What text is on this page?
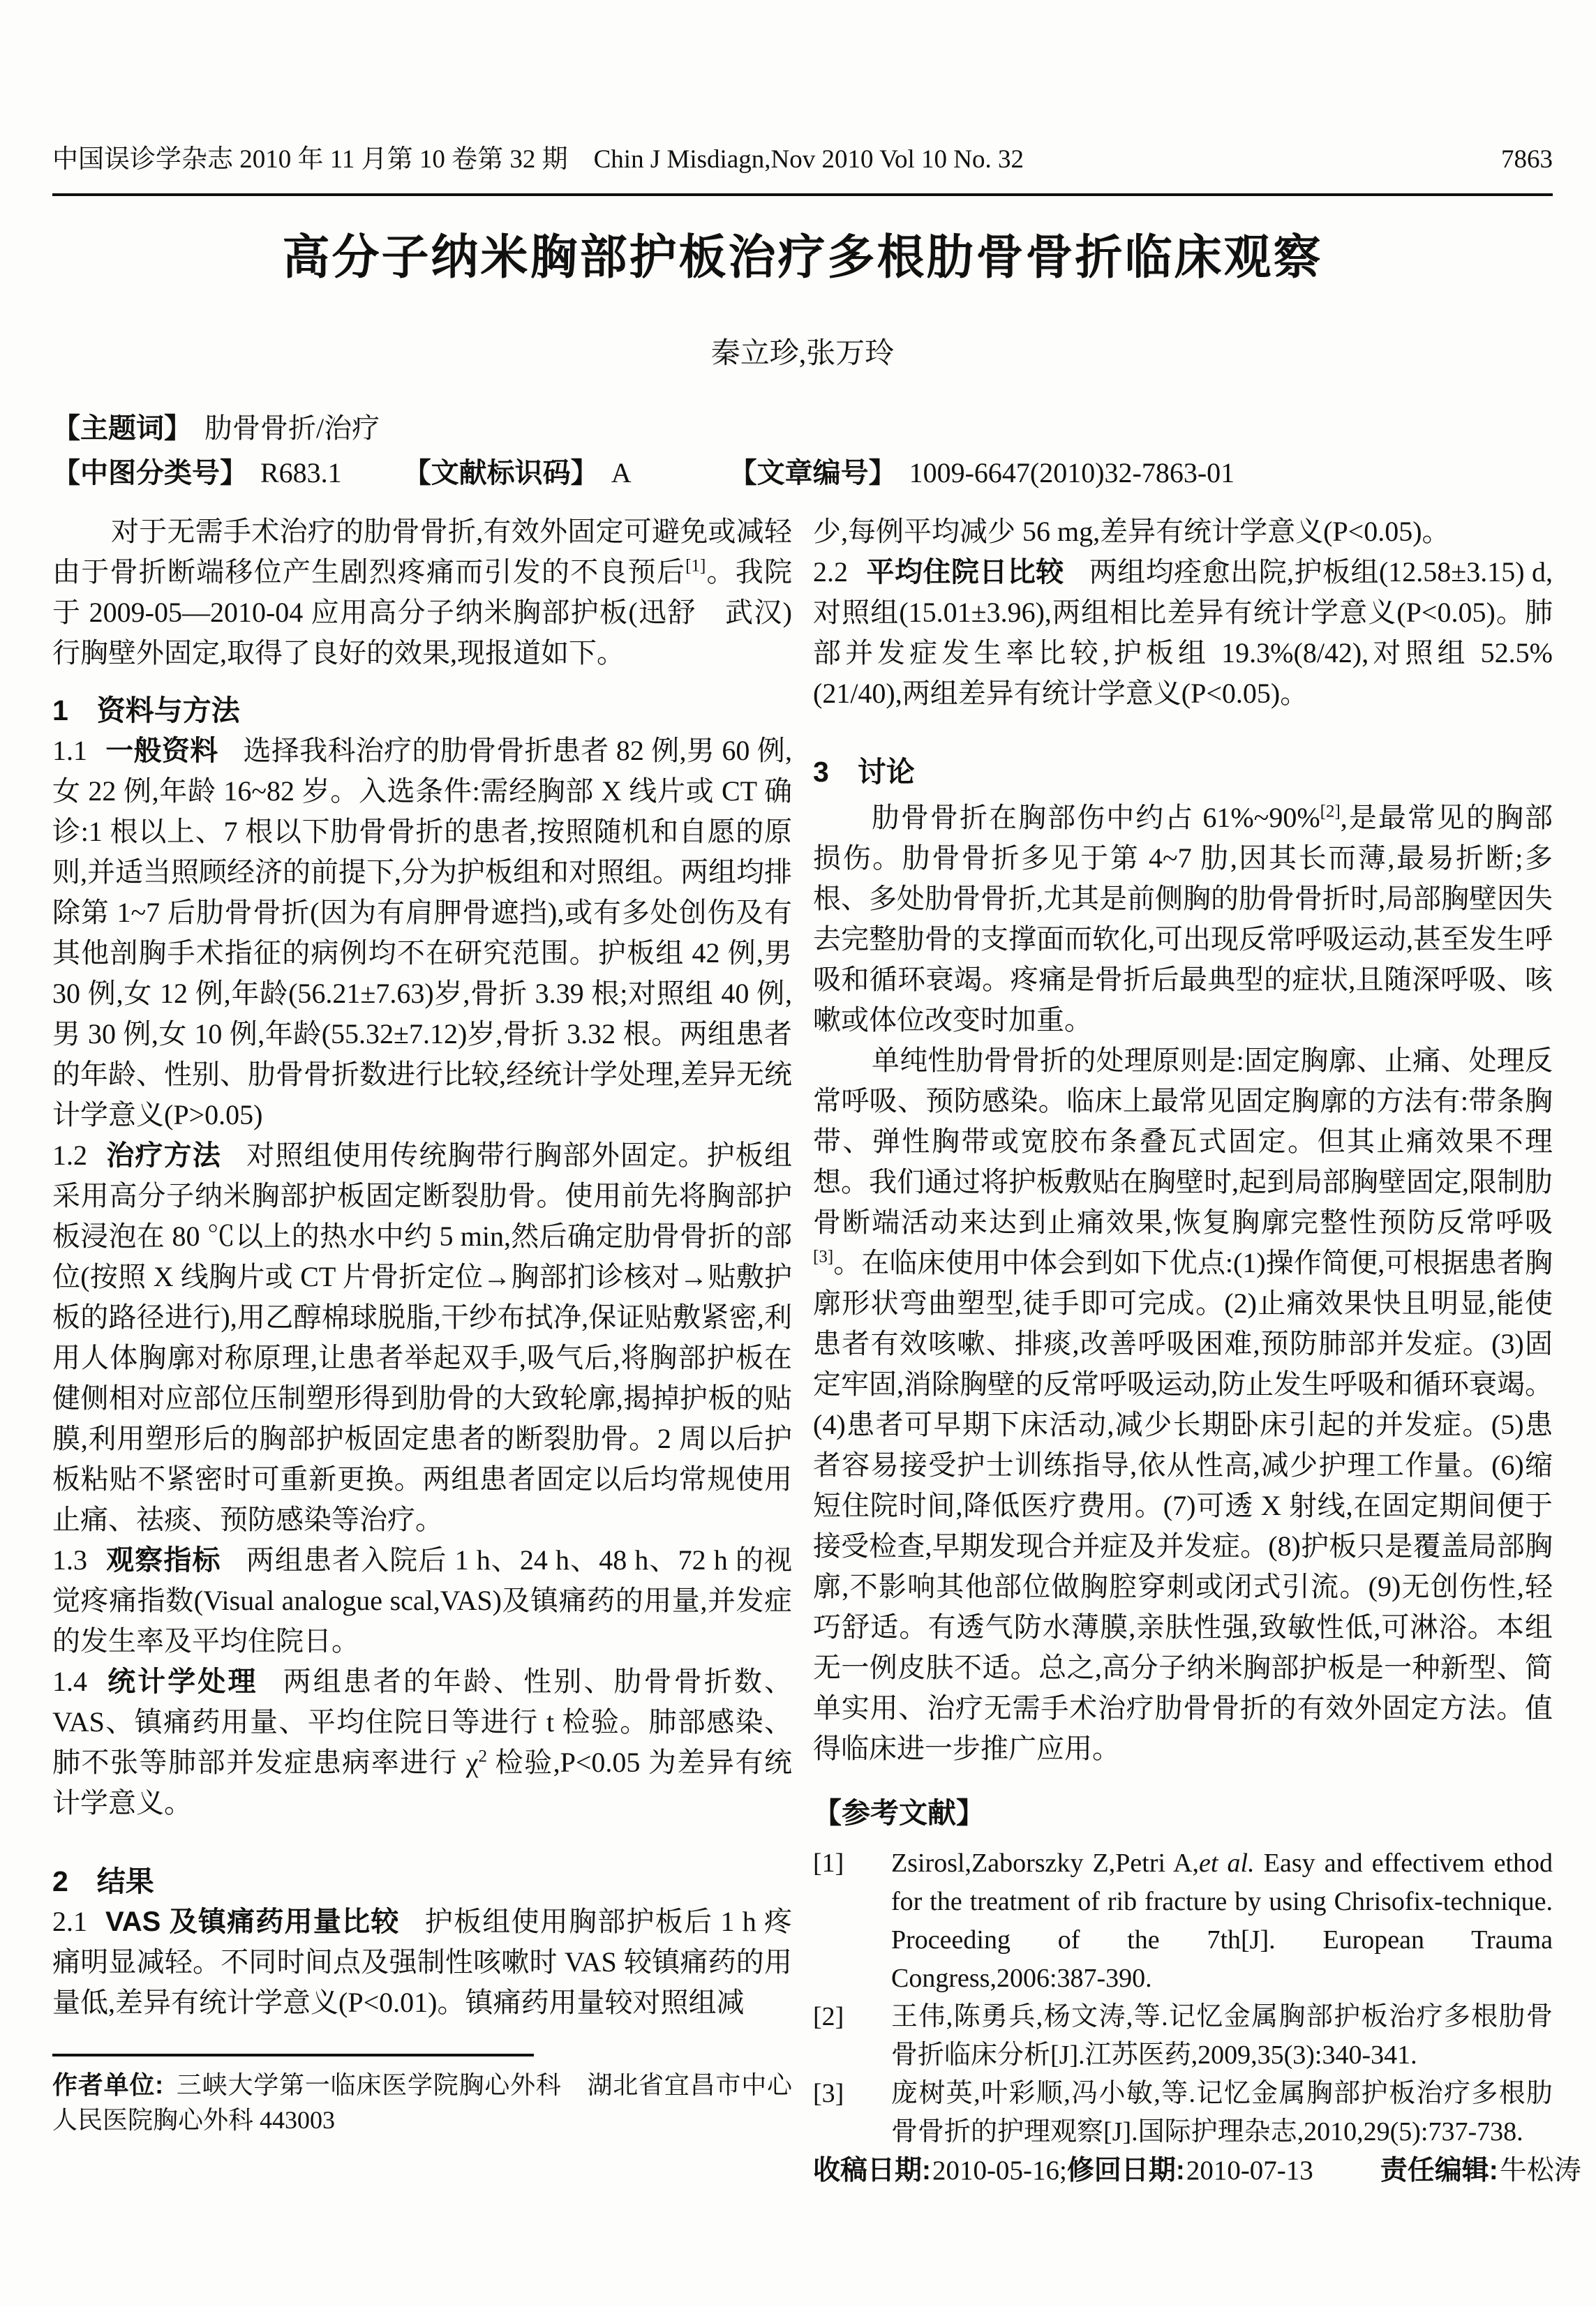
中国误诊学杂志 2010 年 11 月第 10 卷第 32 期　Chin J Misdiagn,Nov 2010 Vol 10 No. 32	7863
高分子纳米胸部护板治疗多根肋骨骨折临床观察
秦立珍,张万玲
【主题词】 肋骨骨折/治疗
【中图分类号】 R683.1 【文献标识码】 A	【文章编号】 1009-6647(2010)32-7863-01

对于无需手术治疗的肋骨骨折,有效外固定可避免或减轻由于骨折断端移位产生剧烈疼痛而引发的不良预后[1]。我院于 2009-05—2010-04 应用高分子纳米胸部护板(迅舒　武汉)行胸壁外固定,取得了良好的效果,现报道如下。

1　资料与方法

1.1 一般资料 选择我科治疗的肋骨骨折患者 82 例,男 60 例,女 22 例,年龄 16~82 岁。入选条件:需经胸部 X 线片或 CT 确诊:1 根以上、7 根以下肋骨骨折的患者,按照随机和自愿的原则,并适当照顾经济的前提下,分为护板组和对照组。两组均排除第 1~7 后肋骨骨折(因为有肩胛骨遮挡),或有多处创伤及有其他剖胸手术指征的病例均不在研究范围。护板组 42 例,男 30 例,女 12 例,年龄(56.21±7.63)岁,骨折 3.39 根;对照组 40 例,男 30 例,女 10 例,年龄(55.32±7.12)岁,骨折 3.32 根。两组患者的年龄、性别、肋骨骨折数进行比较,经统计学处理,差异无统计学意义(P>0.05)

1.2 治疗方法 对照组使用传统胸带行胸部外固定。护板组采用高分子纳米胸部护板固定断裂肋骨。使用前先将胸部护板浸泡在 80 ℃以上的热水中约 5 min,然后确定肋骨骨折的部位(按照 X 线胸片或 CT 片骨折定位→胸部扪诊核对→贴敷护板的路径进行),用乙醇棉球脱脂,干纱布拭净,保证贴敷紧密,利用人体胸廓对称原理,让患者举起双手,吸气后,将胸部护板在健侧相对应部位压制塑形得到肋骨的大致轮廓,揭掉护板的贴膜,利用塑形后的胸部护板固定患者的断裂肋骨。2 周以后护板粘贴不紧密时可重新更换。两组患者固定以后均常规使用止痛、祛痰、预防感染等治疗。

1.3 观察指标 两组患者入院后 1 h、24 h、48 h、72 h 的视觉疼痛指数(Visual analogue scal,VAS)及镇痛药的用量,并发症的发生率及平均住院日。

1.4 统计学处理 两组患者的年龄、性别、肋骨骨折数、VAS、镇痛药用量、平均住院日等进行 t 检验。肺部感染、肺不张等肺部并发症患病率进行 $\chi^2$ 检验,P<0.05 为差异有统计学意义。

2　结果

2.1 VAS 及镇痛药用量比较 护板组使用胸部护板后 1 h 疼痛明显减轻。不同时间点及强制性咳嗽时 VAS 较镇痛药的用量低,差异有统计学意义(P<0.01)。镇痛药用量较对照组减

作者单位: 三峡大学第一临床医学院胸心外科　湖北省宜昌市中心人民医院胸心外科 443003

少,每例平均减少 56 mg,差异有统计学意义(P<0.05)。

2.2 平均住院日比较 两组均痊愈出院,护板组(12.58±3.15) d,对照组(15.01±3.96),两组相比差异有统计学意义(P<0.05)。肺部并发症发生率比较,护板组 19.3%(8/42),对照组 52.5%(21/40),两组差异有统计学意义(P<0.05)。

3　讨论

肋骨骨折在胸部伤中约占 61%~90%[2],是最常见的胸部损伤。肋骨骨折多见于第 4~7 肋,因其长而薄,最易折断;多根、多处肋骨骨折,尤其是前侧胸的肋骨骨折时,局部胸壁因失去完整肋骨的支撑面而软化,可出现反常呼吸运动,甚至发生呼吸和循环衰竭。疼痛是骨折后最典型的症状,且随深呼吸、咳嗽或体位改变时加重。

单纯性肋骨骨折的处理原则是:固定胸廓、止痛、处理反常呼吸、预防感染。临床上最常见固定胸廓的方法有:带条胸带、弹性胸带或宽胶布条叠瓦式固定。但其止痛效果不理想。我们通过将护板敷贴在胸壁时,起到局部胸壁固定,限制肋骨断端活动来达到止痛效果,恢复胸廓完整性预防反常呼吸[3]。在临床使用中体会到如下优点:(1)操作简便,可根据患者胸廓形状弯曲塑型,徒手即可完成。(2)止痛效果快且明显,能使患者有效咳嗽、排痰,改善呼吸困难,预防肺部并发症。(3)固定牢固,消除胸壁的反常呼吸运动,防止发生呼吸和循环衰竭。(4)患者可早期下床活动,减少长期卧床引起的并发症。(5)患者容易接受护士训练指导,依从性高,减少护理工作量。(6)缩短住院时间,降低医疗费用。(7)可透 X 射线,在固定期间便于接受检查,早期发现合并症及并发症。(8)护板只是覆盖局部胸廓,不影响其他部位做胸腔穿刺或闭式引流。(9)无创伤性,轻巧舒适。有透气防水薄膜,亲肤性强,致敏性低,可淋浴。本组无一例皮肤不适。总之,高分子纳米胸部护板是一种新型、简单实用、治疗无需手术治疗肋骨骨折的有效外固定方法。值得临床进一步推广应用。

【参考文献】
[1] Zsirosl,Zaborszky Z,Petri A,et al. Easy and effectivem ethod for the treatment of rib fracture by using Chrisofix-technique. Proceeding of the 7th[J]. European Trauma Congress,2006:387-390.
[2] 王伟,陈勇兵,杨文涛,等.记忆金属胸部护板治疗多根肋骨骨折临床分析[J].江苏医药,2009,35(3):340-341.
[3] 庞树英,叶彩顺,冯小敏,等.记忆金属胸部护板治疗多根肋骨骨折的护理观察[J].国际护理杂志,2010,29(5):737-738.
收稿日期:2010-05-16;修回日期:2010-07-13 责任编辑:牛松涛
